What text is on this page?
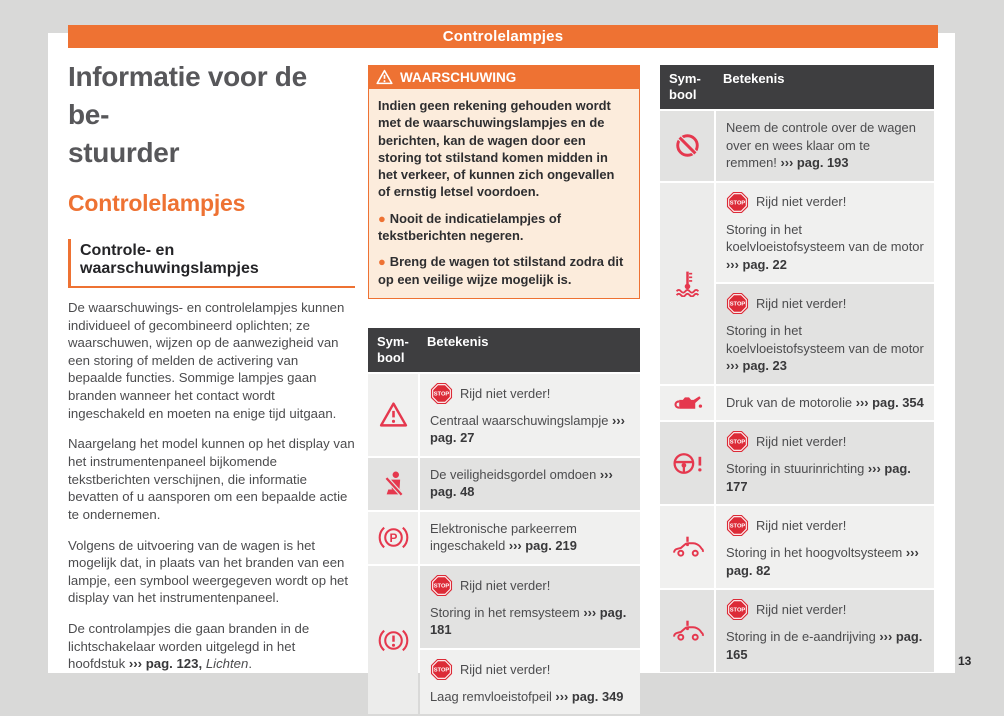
Controlelampjes
13
Informatie voor de be-
stuurder
Controlelampjes
Controle- en waarschuwingslampjes

De waarschuwings- en controlelampjes kunnen individueel of gecombineerd oplichten; ze waarschuwen, wijzen op de aanwezigheid van een storing of melden de activering van bepaalde functies. Sommige lampjes gaan branden wanneer het contact wordt ingeschakeld en moeten na enige tijd uitgaan.

Naargelang het model kunnen op het display van het instrumentenpaneel bijkomende tekstberichten verschijnen, die informatie bevatten of u aansporen om een bepaalde actie te ondernemen.

Volgens de uitvoering van de wagen is het mogelijk dat, in plaats van het branden van een lampje, een symbool weergegeven wordt op het display van het instrumentenpaneel.

De controlampjes die gaan branden in de lichtschakelaar worden uitgelegd in het hoofdstuk ››› pag. 123, Lichten.

WAARSCHUWING
Indien geen rekening gehouden wordt met de waarschuwingslampjes en de berichten, kan de wagen door een storing tot stilstand komen midden in het verkeer, of kunnen zich ongevallen of ernstig letsel voordoen.
● Nooit de indicatielampjes of tekstberichten negeren.
● Breng de wagen tot stilstand zodra dit op een veilige wijze mogelijk is.
Sym-
bool
Betekenis
STOP Rijd niet verder!
Centraal waarschuwingslampje ››› pag. 27
De veiligheidsgordel omdoen ››› pag. 48
P
Elektronische parkeerrem ingeschakeld ››› pag. 219
STOP Rijd niet verder!
Storing in het remsysteem ››› pag. 181
STOP Rijd niet verder!
Laag remvloeistofpeil ››› pag. 349
Sym-
bool
Betekenis
Neem de controle over de wagen over en wees klaar om te remmen! ››› pag. 193
STOP Rijd niet verder!
Storing in het koelvloeistofsysteem van de motor ››› pag. 22
STOP Rijd niet verder!
Storing in het koelvloeistofsysteem van de motor ››› pag. 23
Druk van de motorolie ››› pag. 354
STOP Rijd niet verder!
Storing in stuurinrichting ››› pag. 177
STOP Rijd niet verder!
Storing in het hoogvoltsysteem ››› pag. 82
STOP Rijd niet verder!
Storing in de e-aandrijving ››› pag. 165
